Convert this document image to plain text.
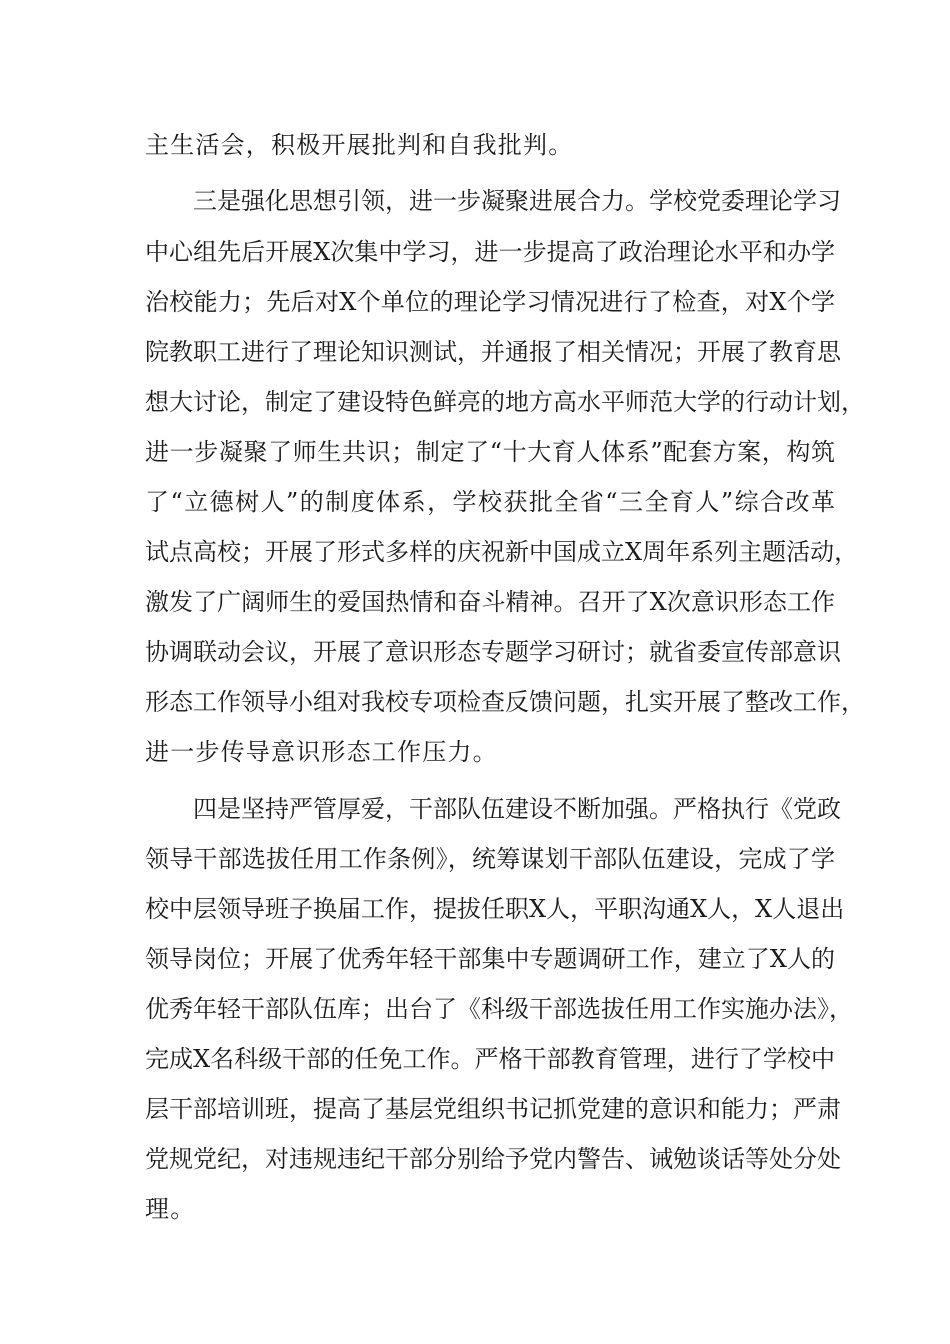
主生活会，积极开展批判和自我批判。
三是强化思想引领，进一步凝聚进展合力。学校党委理论学习
中心组先后开展X次集中学习，进一步提高了政治理论水平和办学
治校能力；先后对X个单位的理论学习情况进行了检查，对X个学
院教职工进行了理论知识测试，并通报了相关情况；开展了教育思
想大讨论，制定了建设特色鲜亮的地方高水平师范大学的行动计划，
进一步凝聚了师生共识；制定了“十大育人体系”配套方案，构筑
了“立德树人”的制度体系，学校获批全省“三全育人”综合改革
试点高校；开展了形式多样的庆祝新中国成立X周年系列主题活动，
激发了广阔师生的爱国热情和奋斗精神。召开了X次意识形态工作
协调联动会议，开展了意识形态专题学习研讨；就省委宣传部意识
形态工作领导小组对我校专项检查反馈问题，扎实开展了整改工作，
进一步传导意识形态工作压力。
四是坚持严管厚爱，干部队伍建设不断加强。严格执行《党政
领导干部选拔任用工作条例》，统筹谋划干部队伍建设，完成了学
校中层领导班子换届工作，提拔任职X人，平职沟通X人，X人退出
领导岗位；开展了优秀年轻干部集中专题调研工作，建立了X人的
优秀年轻干部队伍库；出台了《科级干部选拔任用工作实施办法》，
完成X名科级干部的任免工作。严格干部教育管理，进行了学校中
层干部培训班，提高了基层党组织书记抓党建的意识和能力；严肃
党规党纪，对违规违纪干部分别给予党内警告、诫勉谈话等处分处
理。
